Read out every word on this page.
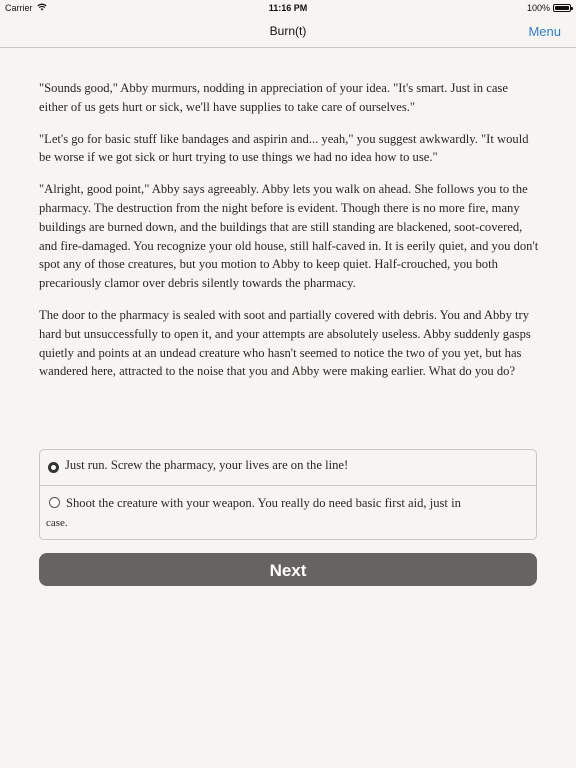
Carrier	11:16 PM	100%
Burn(t)	Menu

"Sounds good," Abby murmurs, nodding in appreciation of your idea. "It's smart. Just in case either of us gets hurt or sick, we'll have supplies to take care of ourselves."

"Let's go for basic stuff like bandages and aspirin and... yeah," you suggest awkwardly. "It would be worse if we got sick or hurt trying to use things we had no idea how to use."

"Alright, good point," Abby says agreeably. Abby lets you walk on ahead. She follows you to the pharmacy. The destruction from the night before is evident. Though there is no more fire, many buildings are burned down, and the buildings that are still standing are blackened, soot-covered, and fire-damaged. You recognize your old house, still half-caved in. It is eerily quiet, and you don't spot any of those creatures, but you motion to Abby to keep quiet. Half-crouched, you both precariously clamor over debris silently towards the pharmacy.

The door to the pharmacy is sealed with soot and partially covered with debris. You and Abby try hard but unsuccessfully to open it, and your attempts are absolutely useless. Abby suddenly gasps quietly and points at an undead creature who hasn't seemed to notice the two of you yet, but has wandered here, attracted to the noise that you and Abby were making earlier. What do you do?

Just run. Screw the pharmacy, your lives are on the line!
Shoot the creature with your weapon. You really do need basic first aid, just in
case.
Next
